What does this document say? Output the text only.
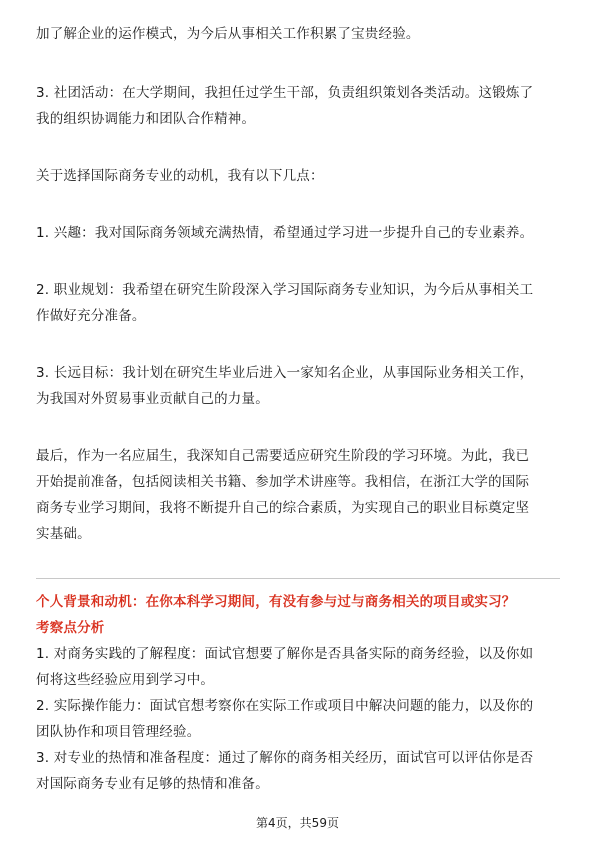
加了解企业的运作模式，为今后从事相关工作积累了宝贵经验。

3. 社团活动：在大学期间，我担任过学生干部，负责组织策划各类活动。这锻炼了

我的组织协调能力和团队合作精神。

关于选择国际商务专业的动机，我有以下几点：

1. 兴趣：我对国际商务领域充满热情，希望通过学习进一步提升自己的专业素养。

2. 职业规划：我希望在研究生阶段深入学习国际商务专业知识，为今后从事相关工

作做好充分准备。

3. 长远目标：我计划在研究生毕业后进入一家知名企业，从事国际业务相关工作，

为我国对外贸易事业贡献自己的力量。

最后，作为一名应届生，我深知自己需要适应研究生阶段的学习环境。为此，我已

开始提前准备，包括阅读相关书籍、参加学术讲座等。我相信，在浙江大学的国际

商务专业学习期间，我将不断提升自己的综合素质，为实现自己的职业目标奠定坚

实基础。

个人背景和动机：在你本科学习期间，有没有参与过与商务相关的项目或实习？

考察点分析

1. 对商务实践的了解程度：面试官想要了解你是否具备实际的商务经验，以及你如

何将这些经验应用到学习中。

2. 实际操作能力：面试官想考察你在实际工作或项目中解决问题的能力，以及你的

团队协作和项目管理经验。

3. 对专业的热情和准备程度：通过了解你的商务相关经历，面试官可以评估你是否

对国际商务专业有足够的热情和准备。

第4页，共59页
